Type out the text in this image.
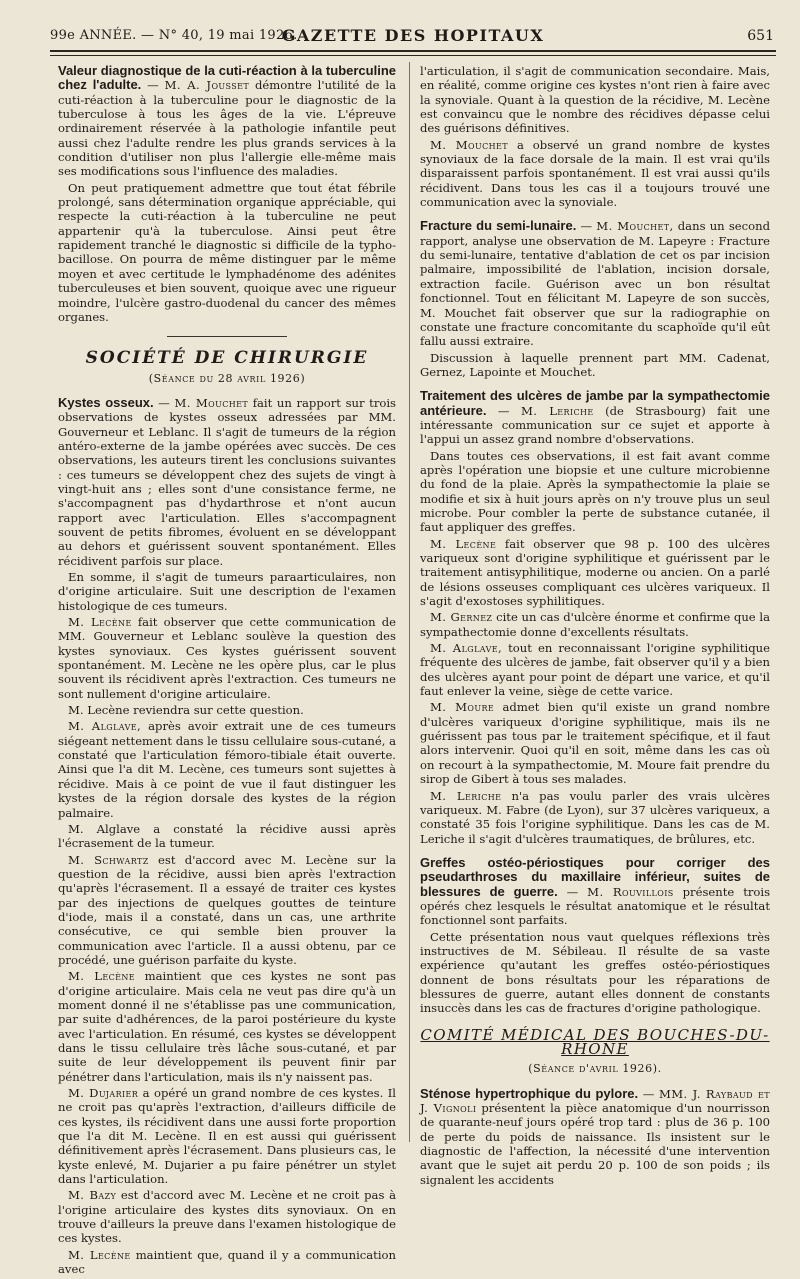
99e ANNÉE. — N° 40, 19 mai 1926.
GAZETTE DES HOPITAUX	651

Valeur diagnostique de la cuti-réaction à la tuberculine chez l'adulte. — M. A. Jousset démontre l'utilité de la cuti-réaction à la tuberculine pour le diagnostic de la tuberculose à tous les âges de la vie. L'épreuve ordinairement réservée à la pathologie infantile peut aussi chez l'adulte rendre les plus grands services à la condition d'utiliser non plus l'allergie elle-même mais ses modifications sous l'influence des maladies.

On peut pratiquement admettre que tout état fébrile prolongé, sans détermination organique appréciable, qui respecte la cuti-réaction à la tuberculine ne peut appartenir qu'à la tuberculose. Ainsi peut être rapidement tranché le diagnostic si difficile de la typho-bacillose. On pourra de même distinguer par le même moyen et avec certitude le lymphadénome des adénites tuberculeuses et bien souvent, quoique avec une rigueur moindre, l'ulcère gastro-duodenal du cancer des mêmes organes.

SOCIÉTÉ DE CHIRURGIE
(Séance du 28 avril 1926)

Kystes osseux. — M. Mouchet fait un rapport sur trois observations de kystes osseux adressées par MM. Gouverneur et Leblanc. Il s'agit de tumeurs de la région antéro-externe de la jambe opérées avec succès. De ces observations, les auteurs tirent les conclusions suivantes : ces tumeurs se développent chez des sujets de vingt à vingt-huit ans ; elles sont d'une consistance ferme, ne s'accompagnent pas d'hydarthrose et n'ont aucun rapport avec l'articulation. Elles s'accompagnent souvent de petits fibromes, évoluent en se développant au dehors et guérissent souvent spontanément. Elles récidivent parfois sur place.

En somme, il s'agit de tumeurs paraarticulaires, non d'origine articulaire. Suit une description de l'examen histologique de ces tumeurs.

M. Lecène fait observer que cette communication de MM. Gouverneur et Leblanc soulève la question des kystes synoviaux. Ces kystes guérissent souvent spontanément. M. Lecène ne les opère plus, car le plus souvent ils récidivent après l'extraction. Ces tumeurs ne sont nullement d'origine articulaire.

M. Lecène reviendra sur cette question.

M. Alglave, après avoir extrait une de ces tumeurs siégeant nettement dans le tissu cellulaire sous-cutané, a constaté que l'articulation fémoro-tibiale était ouverte. Ainsi que l'a dit M. Lecène, ces tumeurs sont sujettes à récidive. Mais à ce point de vue il faut distinguer les kystes de la région dorsale des kystes de la région palmaire.

M. Alglave a constaté la récidive aussi après l'écrasement de la tumeur.

M. Schwartz est d'accord avec M. Lecène sur la question de la récidive, aussi bien après l'extraction qu'après l'écrasement. Il a essayé de traiter ces kystes par des injections de quelques gouttes de teinture d'iode, mais il a constaté, dans un cas, une arthrite consécutive, ce qui semble bien prouver la communication avec l'article. Il a aussi obtenu, par ce procédé, une guérison parfaite du kyste.

M. Lecène maintient que ces kystes ne sont pas d'origine articulaire. Mais cela ne veut pas dire qu'à un moment donné il ne s'établisse pas une communication, par suite d'adhérences, de la paroi postérieure du kyste avec l'articulation. En résumé, ces kystes se développent dans le tissu cellulaire très lâche sous-cutané, et par suite de leur développement ils peuvent finir par pénétrer dans l'articulation, mais ils n'y naissent pas.

M. Dujarier a opéré un grand nombre de ces kystes. Il ne croit pas qu'après l'extraction, d'ailleurs difficile de ces kystes, ils récidivent dans une aussi forte proportion que l'a dit M. Lecène. Il en est aussi qui guérissent définitivement après l'écrasement. Dans plusieurs cas, le kyste enlevé, M. Dujarier a pu faire pénétrer un stylet dans l'articulation.

M. Bazy est d'accord avec M. Lecène et ne croit pas à l'origine articulaire des kystes dits synoviaux. On en trouve d'ailleurs la preuve dans l'examen histologique de ces kystes.

M. Lecène maintient que, quand il y a communication avec

l'articulation, il s'agit de communication secondaire. Mais, en réalité, comme origine ces kystes n'ont rien à faire avec la synoviale. Quant à la question de la récidive, M. Lecène est convaincu que le nombre des récidives dépasse celui des guérisons définitives.

M. Mouchet a observé un grand nombre de kystes synoviaux de la face dorsale de la main. Il est vrai qu'ils disparaissent parfois spontanément. Il est vrai aussi qu'ils récidivent. Dans tous les cas il a toujours trouvé une communication avec la synoviale.

Fracture du semi-lunaire. — M. Mouchet, dans un second rapport, analyse une observation de M. Lapeyre : Fracture du semi-lunaire, tentative d'ablation de cet os par incision palmaire, impossibilité de l'ablation, incision dorsale, extraction facile. Guérison avec un bon résultat fonctionnel. Tout en félicitant M. Lapeyre de son succès, M. Mouchet fait observer que sur la radiographie on constate une fracture concomitante du scaphoïde qu'il eût fallu aussi extraire.

Discussion à laquelle prennent part MM. Cadenat, Gernez, Lapointe et Mouchet.

Traitement des ulcères de jambe par la sympathectomie antérieure. — M. Leriche (de Strasbourg) fait une intéressante communication sur ce sujet et apporte à l'appui un assez grand nombre d'observations.

Dans toutes ces observations, il est fait avant comme après l'opération une biopsie et une culture microbienne du fond de la plaie. Après la sympathectomie la plaie se modifie et six à huit jours après on n'y trouve plus un seul microbe. Pour combler la perte de substance cutanée, il faut appliquer des greffes.

M. Lecène fait observer que 98 p. 100 des ulcères variqueux sont d'origine syphilitique et guérissent par le traitement antisyphilitique, moderne ou ancien. On a parlé de lésions osseuses compliquant ces ulcères variqueux. Il s'agit d'exostoses syphilitiques.

M. Gernez cite un cas d'ulcère énorme et confirme que la sympathectomie donne d'excellents résultats.

M. Alglave, tout en reconnaissant l'origine syphilitique fréquente des ulcères de jambe, fait observer qu'il y a bien des ulcères ayant pour point de départ une varice, et qu'il faut enlever la veine, siège de cette varice.

M. Moure admet bien qu'il existe un grand nombre d'ulcères variqueux d'origine syphilitique, mais ils ne guérissent pas tous par le traitement spécifique, et il faut alors intervenir. Quoi qu'il en soit, même dans les cas où on recourt à la sympathectomie, M. Moure fait prendre du sirop de Gibert à tous ses malades.

M. Leriche n'a pas voulu parler des vrais ulcères variqueux. M. Fabre (de Lyon), sur 37 ulcères variqueux, a constaté 35 fois l'origine syphilitique. Dans les cas de M. Leriche il s'agit d'ulcères traumatiques, de brûlures, etc.

Greffes ostéo-périostiques pour corriger des pseudarthroses du maxillaire inférieur, suites de blessures de guerre. — M. Rouvillois présente trois opérés chez lesquels le résultat anatomique et le résultat fonctionnel sont parfaits.

Cette présentation nous vaut quelques réflexions très instructives de M. Sébileau. Il résulte de sa vaste expérience qu'autant les greffes ostéo-périostiques donnent de bons résultats pour les réparations de blessures de guerre, autant elles donnent de constants insuccès dans les cas de fractures d'origine pathologique.

COMITÉ MÉDICAL DES BOUCHES-DU-RHONE
(Séance d'avril 1926).

Sténose hypertrophique du pylore. — MM. J. Raybaud et J. Vignoli présentent la pièce anatomique d'un nourrisson de quarante-neuf jours opéré trop tard : plus de 36 p. 100 de perte du poids de naissance. Ils insistent sur le diagnostic de l'affection, la nécessité d'une intervention avant que le sujet ait perdu 20 p. 100 de son poids ; ils signalent les accidents
